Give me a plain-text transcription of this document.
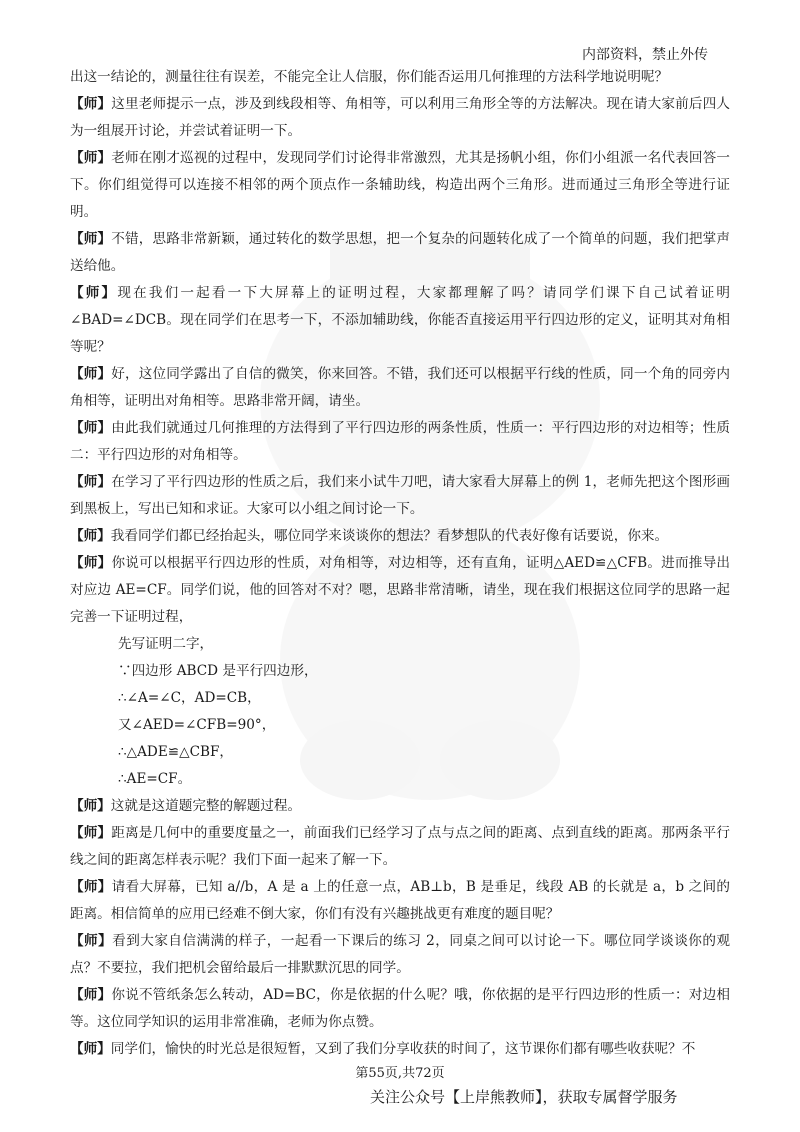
内部资料，禁止外传

出这一结论的，测量往往有误差，不能完全让人信服，你们能否运用几何推理的方法科学地说明呢？

【师】这里老师提示一点，涉及到线段相等、角相等，可以利用三角形全等的方法解决。现在请大家前后四人为一组展开讨论，并尝试着证明一下。

【师】老师在刚才巡视的过程中，发现同学们讨论得非常激烈，尤其是扬帆小组，你们小组派一名代表回答一下。你们组觉得可以连接不相邻的两个顶点作一条辅助线，构造出两个三角形。进而通过三角形全等进行证明。

【师】不错，思路非常新颖，通过转化的数学思想，把一个复杂的问题转化成了一个简单的问题，我们把掌声送给他。

【师】现在我们一起看一下大屏幕上的证明过程，大家都理解了吗？请同学们课下自己试着证明∠BAD=∠DCB。现在同学们在思考一下，不添加辅助线，你能否直接运用平行四边形的定义，证明其对角相等呢？

【师】好，这位同学露出了自信的微笑，你来回答。不错，我们还可以根据平行线的性质，同一个角的同旁内角相等，证明出对角相等。思路非常开阔，请坐。

【师】由此我们就通过几何推理的方法得到了平行四边形的两条性质，性质一：平行四边形的对边相等；性质二：平行四边形的对角相等。

【师】在学习了平行四边形的性质之后，我们来小试牛刀吧，请大家看大屏幕上的例 1，老师先把这个图形画到黑板上，写出已知和求证。大家可以小组之间讨论一下。

【师】我看同学们都已经抬起头，哪位同学来谈谈你的想法？看梦想队的代表好像有话要说，你来。

【师】你说可以根据平行四边形的性质，对角相等，对边相等，还有直角，证明△AED≌△CFB。进而推导出对应边 AE=CF。同学们说，他的回答对不对？嗯，思路非常清晰，请坐，现在我们根据这位同学的思路一起完善一下证明过程，

先写证明二字，

∵四边形 ABCD 是平行四边形，

∴∠A=∠C，AD=CB，

又∠AED=∠CFB=90°，

∴△ADE≌△CBF，

∴AE=CF。

【师】这就是这道题完整的解题过程。

【师】距离是几何中的重要度量之一，前面我们已经学习了点与点之间的距离、点到直线的距离。那两条平行线之间的距离怎样表示呢？我们下面一起来了解一下。

【师】请看大屏幕，已知 a//b，A 是 a 上的任意一点，AB⊥b，B 是垂足，线段 AB 的长就是 a，b 之间的距离。相信简单的应用已经难不倒大家，你们有没有兴趣挑战更有难度的题目呢？

【师】看到大家自信满满的样子，一起看一下课后的练习 2，同桌之间可以讨论一下。哪位同学谈谈你的观点？不要拉，我们把机会留给最后一排默默沉思的同学。

【师】你说不管纸条怎么转动，AD=BC，你是依据的什么呢？哦，你依据的是平行四边形的性质一：对边相等。这位同学知识的运用非常准确，老师为你点赞。

【师】同学们，愉快的时光总是很短暂，又到了我们分享收获的时间了，这节课你们都有哪些收获呢？不

第55页,共72页
关注公众号【上岸熊教师】，获取专属督学服务
